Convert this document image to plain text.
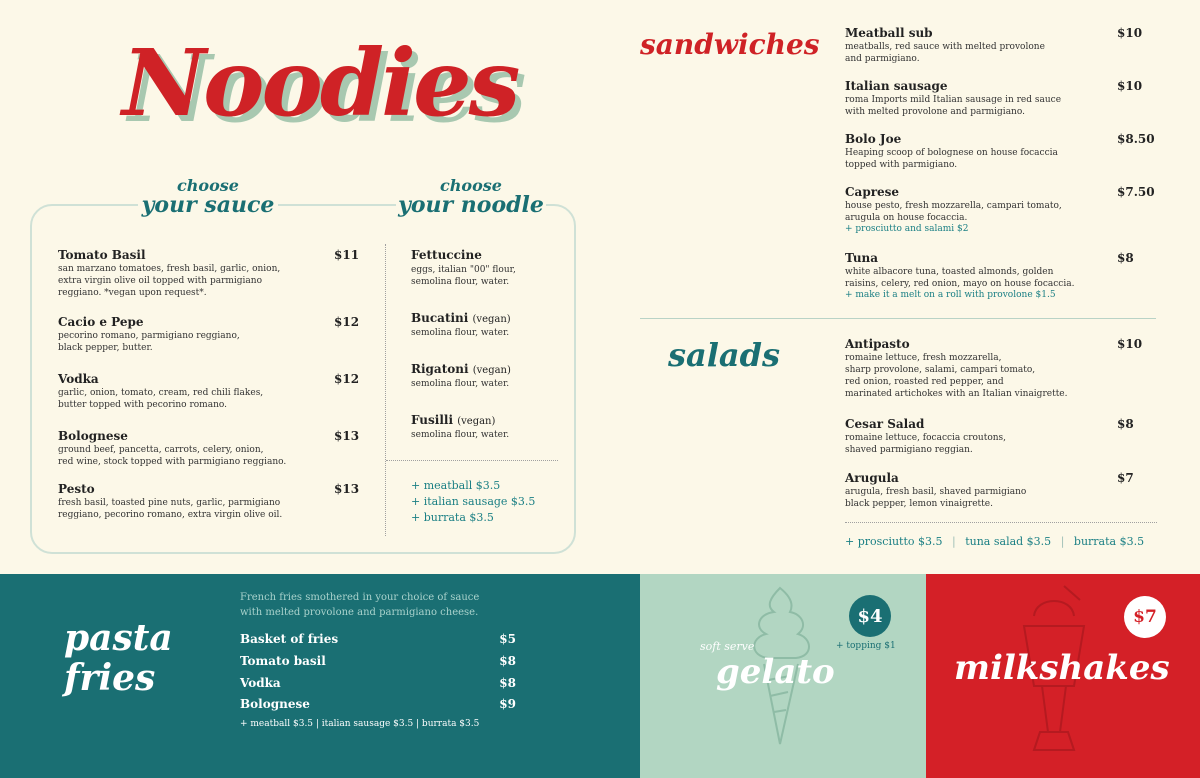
Noodies
choose
your sauce
choose
your noodle
Tomato Basil	$11
san marzano tomatoes, fresh basil, garlic, onion,
extra virgin olive oil topped with parmigiano
reggiano. *vegan upon request*.
Cacio e Pepe	$12
pecorino romano, parmigiano reggiano,
black pepper, butter.
Vodka	$12
garlic, onion, tomato, cream, red chili flakes,
butter topped with pecorino romano.
Bolognese	$13
ground beef, pancetta, carrots, celery, onion,
red wine, stock topped with parmigiano reggiano.
Pesto	$13
fresh basil, toasted pine nuts, garlic, parmigiano
reggiano, pecorino romano, extra virgin olive oil.
Fettuccine
eggs, italian "00" flour,
semolina flour, water.
Bucatini (vegan)
semolina flour, water.
Rigatoni (vegan)
semolina flour, water.
Fusilli (vegan)
semolina flour, water.
+ meatball $3.5
+ italian sausage $3.5
+ burrata $3.5
sandwiches Meatball sub	$10
meatballs, red sauce with melted provolone
and parmigiano.
Italian sausage	$10
roma Imports mild Italian sausage in red sauce
with melted provolone and parmigiano.
Bolo Joe	$8.50
Heaping scoop of bolognese on house focaccia
topped with parmigiano.
Caprese	$7.50
house pesto, fresh mozzarella, campari tomato,
arugula on house focaccia.
+ prosciutto and salami $2
Tuna	$8
white albacore tuna, toasted almonds, golden
raisins, celery, red onion, mayo on house focaccia.
+ make it a melt on a roll with provolone $1.5
salads	Antipasto	$10
romaine lettuce, fresh mozzarella,
sharp provolone, salami, campari tomato,
red onion, roasted red pepper, and
marinated artichokes with an Italian vinaigrette.
Cesar Salad	$8
romaine lettuce, focaccia croutons,
shaved parmigiano reggian.
Arugula	$7
arugula, fresh basil, shaved parmigiano
black pepper, lemon vinaigrette.
+ prosciutto $3.5 | tuna salad $3.5 | burrata $3.5
pasta
fries
French fries smothered in your choice of sauce
with melted provolone and parmigiano cheese.
Basket of fries	$5
Tomato basil	$8
Vodka	$8
Bolognese	$9
+ meatball $3.5 | italian sausage $3.5 | burrata $3.5
soft serve
gelato
$4
+ topping $1
milkshakes
$7
